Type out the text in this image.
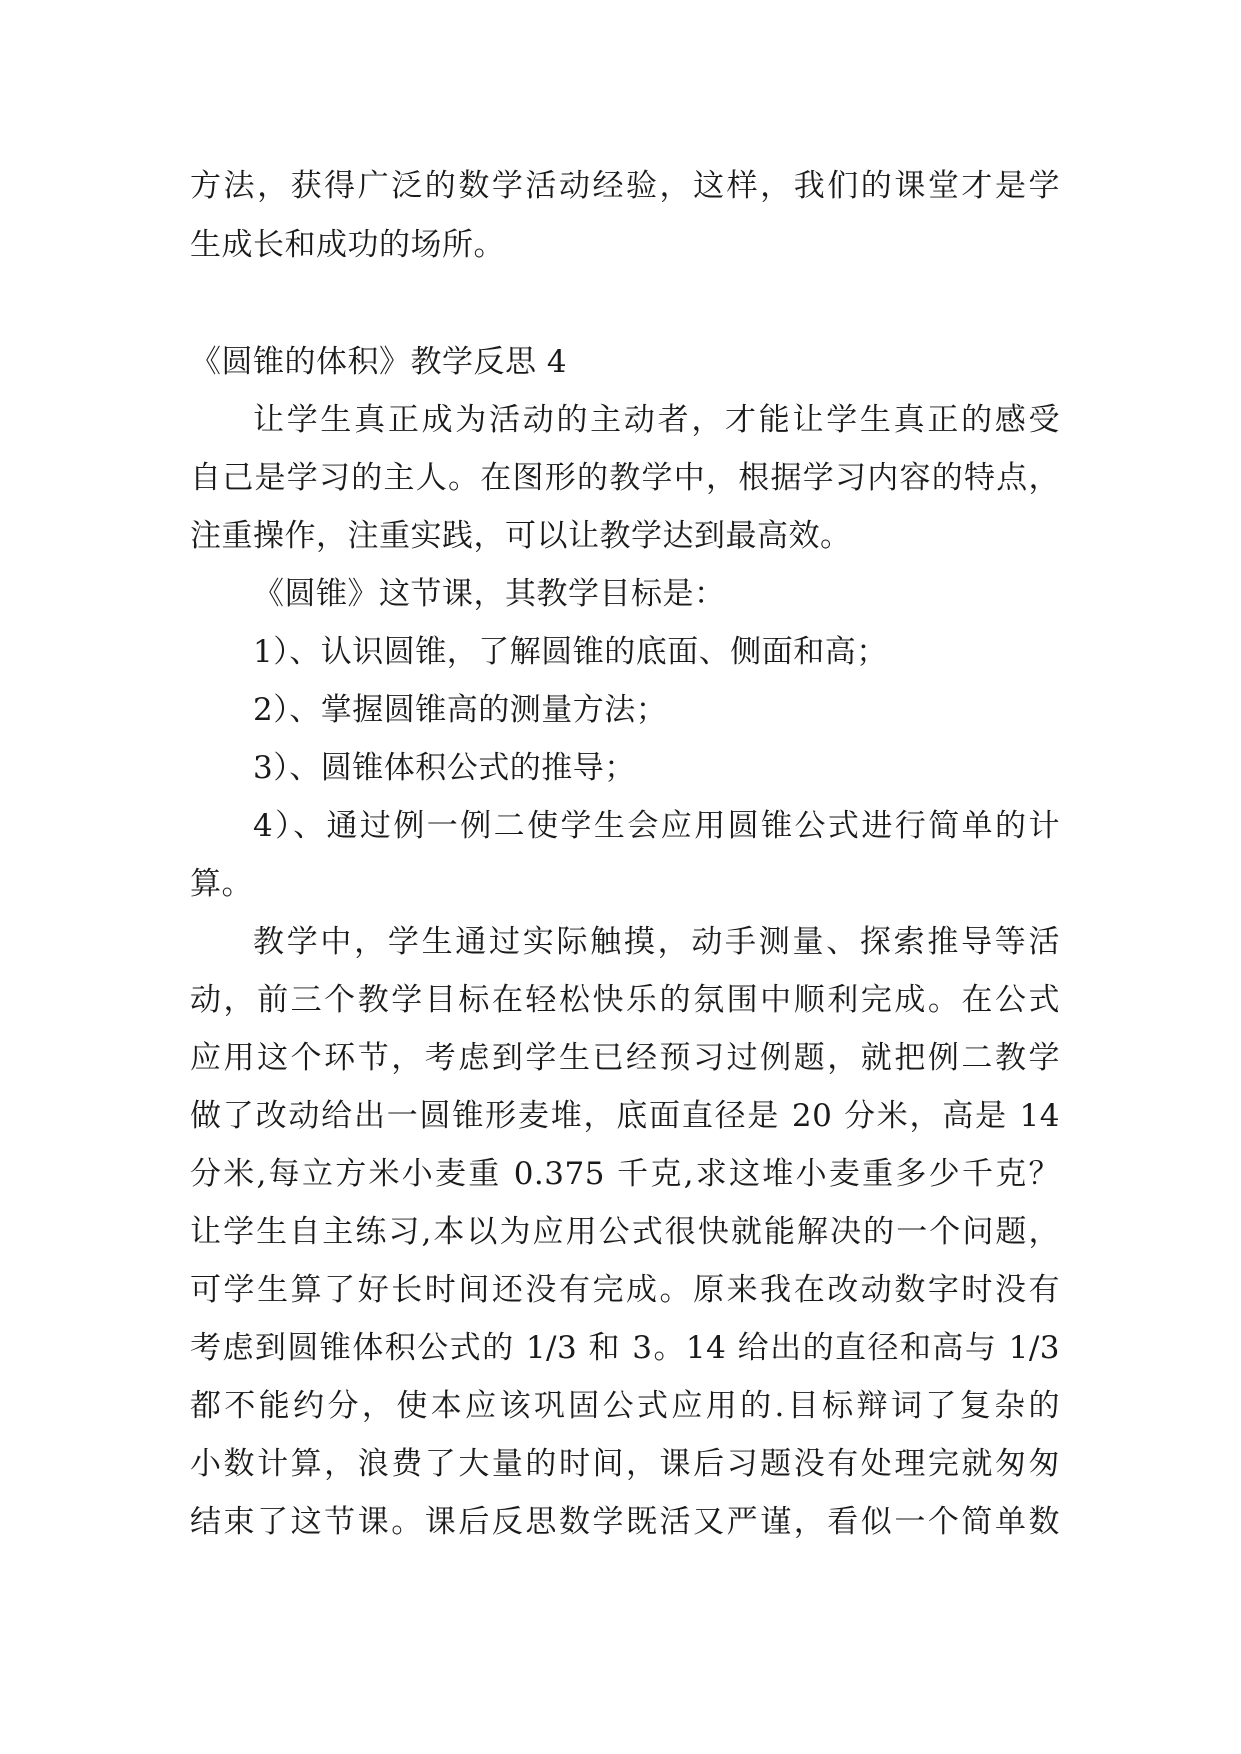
方法，获得广泛的数学活动经验，这样，我们的课堂才是学
生成长和成功的场所。
《圆锥的体积》教学反思 4
让学生真正成为活动的主动者，才能让学生真正的感受
自己是学习的主人。在图形的教学中，根据学习内容的特点，
注重操作，注重实践，可以让教学达到最高效。
《圆锥》这节课，其教学目标是：
1）、认识圆锥，了解圆锥的底面、侧面和高；
2）、掌握圆锥高的测量方法；
3）、圆锥体积公式的推导；
4）、通过例一例二使学生会应用圆锥公式进行简单的计
算。
教学中，学生通过实际触摸，动手测量、探索推导等活
动，前三个教学目标在轻松快乐的氛围中顺利完成。在公式
应用这个环节，考虑到学生已经预习过例题，就把例二教学
做了改动给出一圆锥形麦堆，底面直径是 20 分米，高是 14
分米,每立方米小麦重 0.375 千克,求这堆小麦重多少千克？
让学生自主练习,本以为应用公式很快就能解决的一个问题，
可学生算了好长时间还没有完成。原来我在改动数字时没有
考虑到圆锥体积公式的 1/3 和 3。14 给出的直径和高与 1/3
都不能约分，使本应该巩固公式应用的.目标辩词了复杂的
小数计算，浪费了大量的时间，课后习题没有处理完就匆匆
结束了这节课。课后反思数学既活又严谨，看似一个简单数
